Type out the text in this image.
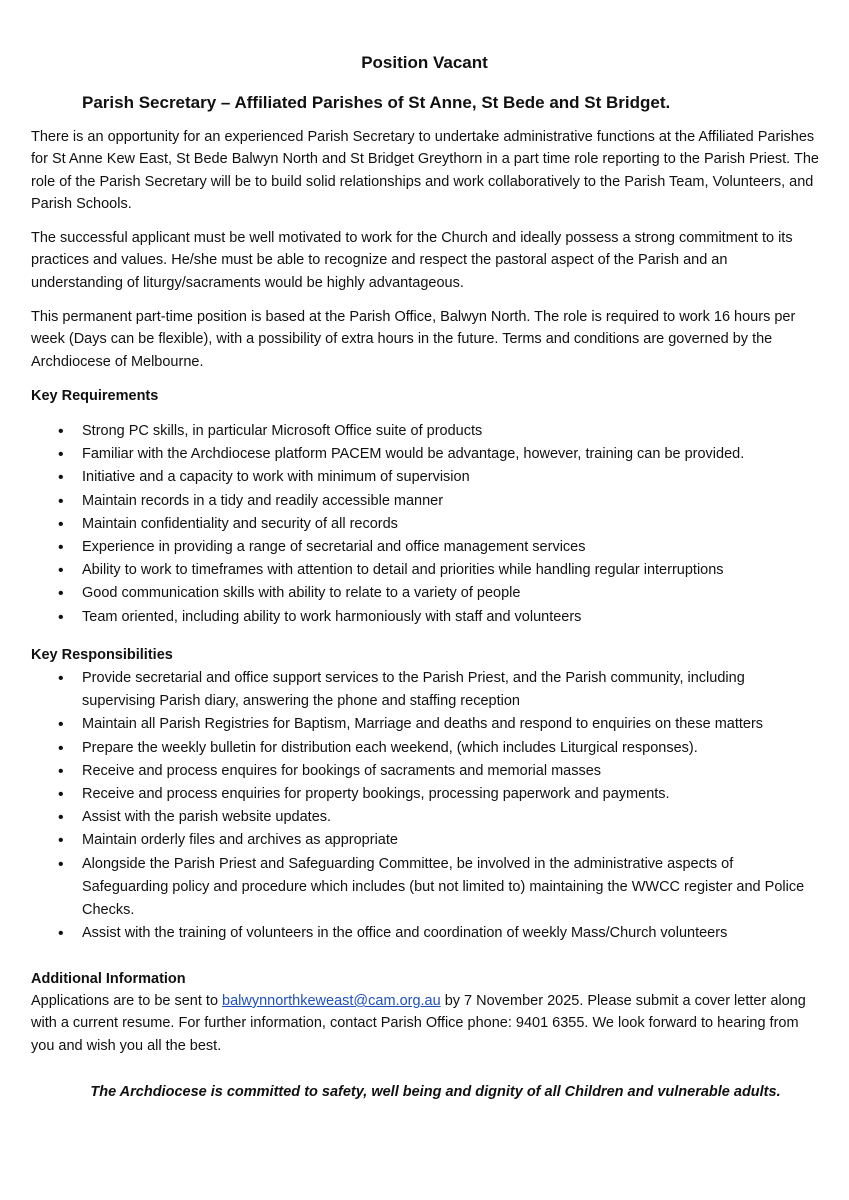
Position Vacant
Parish Secretary – Affiliated Parishes of St Anne, St Bede and St Bridget.

There is an opportunity for an experienced Parish Secretary to undertake administrative functions at the Affiliated Parishes for St Anne Kew East, St Bede Balwyn North and St Bridget Greythorn in a part time role reporting to the Parish Priest. The role of the Parish Secretary will be to build solid relationships and work collaboratively to the Parish Team, Volunteers, and Parish Schools.

The successful applicant must be well motivated to work for the Church and ideally possess a strong commitment to its practices and values. He/she must be able to recognize and respect the pastoral aspect of the Parish and an understanding of liturgy/sacraments would be highly advantageous.

This permanent part-time position is based at the Parish Office, Balwyn North. The role is required to work 16 hours per week (Days can be flexible), with a possibility of extra hours in the future. Terms and conditions are governed by the Archdiocese of Melbourne.

Key Requirements
• Strong PC skills, in particular Microsoft Office suite of products
• Familiar with the Archdiocese platform PACEM would be advantage, however, training can be provided.
• Initiative and a capacity to work with minimum of supervision
• Maintain records in a tidy and readily accessible manner
• Maintain confidentiality and security of all records
• Experience in providing a range of secretarial and office management services
• Ability to work to timeframes with attention to detail and priorities while handling regular interruptions
• Good communication skills with ability to relate to a variety of people
• Team oriented, including ability to work harmoniously with staff and volunteers
Key Responsibilities
• Provide secretarial and office support services to the Parish Priest, and the Parish community, including supervising Parish diary, answering the phone and staffing reception
• Maintain all Parish Registries for Baptism, Marriage and deaths and respond to enquiries on these matters
• Prepare the weekly bulletin for distribution each weekend, (which includes Liturgical responses).
• Receive and process enquires for bookings of sacraments and memorial masses
• Receive and process enquiries for property bookings, processing paperwork and payments.
• Assist with the parish website updates.
• Maintain orderly files and archives as appropriate
• Alongside the Parish Priest and Safeguarding Committee, be involved in the administrative aspects of Safeguarding policy and procedure which includes (but not limited to) maintaining the WWCC register and Police Checks.
• Assist with the training of volunteers in the office and coordination of weekly Mass/Church volunteers
Additional Information

Applications are to be sent to balwynnorthkeweast@cam.org.au by 7 November 2025. Please submit a cover letter along with a current resume. For further information, contact Parish Office phone: 9401 6355. We look forward to hearing from you and wish you all the best.

The Archdiocese is committed to safety, well being and dignity of all Children and vulnerable adults.
